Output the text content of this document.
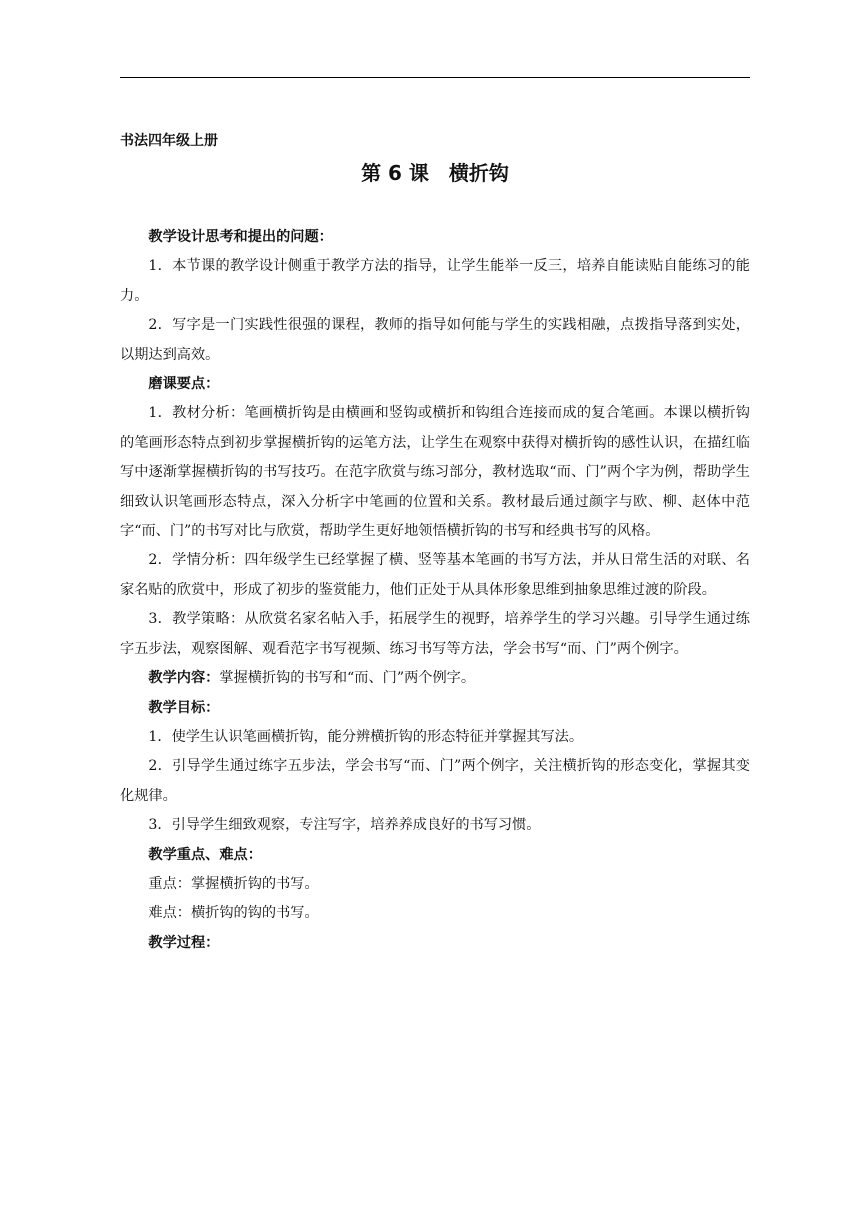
书法四年级上册
第 6 课　横折钩

教学设计思考和提出的问题：

1．本节课的教学设计侧重于教学方法的指导，让学生能举一反三，培养自能读贴自能练习的能力。

2．写字是一门实践性很强的课程，教师的指导如何能与学生的实践相融，点拨指导落到实处，以期达到高效。

磨课要点：

1．教材分析：笔画横折钩是由横画和竖钩或横折和钩组合连接而成的复合笔画。本课以横折钩的笔画形态特点到初步掌握横折钩的运笔方法，让学生在观察中获得对横折钩的感性认识，在描红临写中逐渐掌握横折钩的书写技巧。在范字欣赏与练习部分，教材选取“而、门”两个字为例，帮助学生细致认识笔画形态特点，深入分析字中笔画的位置和关系。教材最后通过颜字与欧、柳、赵体中范字“而、门”的书写对比与欣赏，帮助学生更好地领悟横折钩的书写和经典书写的风格。

2．学情分析：四年级学生已经掌握了横、竖等基本笔画的书写方法，并从日常生活的对联、名家名贴的欣赏中，形成了初步的鉴赏能力，他们正处于从具体形象思维到抽象思维过渡的阶段。

3．教学策略：从欣赏名家名帖入手，拓展学生的视野，培养学生的学习兴趣。引导学生通过练字五步法，观察图解、观看范字书写视频、练习书写等方法，学会书写“而、门”两个例字。

教学内容：掌握横折钩的书写和“而、门”两个例字。

教学目标：

1．使学生认识笔画横折钩，能分辨横折钩的形态特征并掌握其写法。

2．引导学生通过练字五步法，学会书写“而、门”两个例字，关注横折钩的形态变化，掌握其变化规律。

3．引导学生细致观察，专注写字，培养养成良好的书写习惯。

教学重点、难点：

重点：掌握横折钩的书写。

难点：横折钩的钩的书写。

教学过程：
